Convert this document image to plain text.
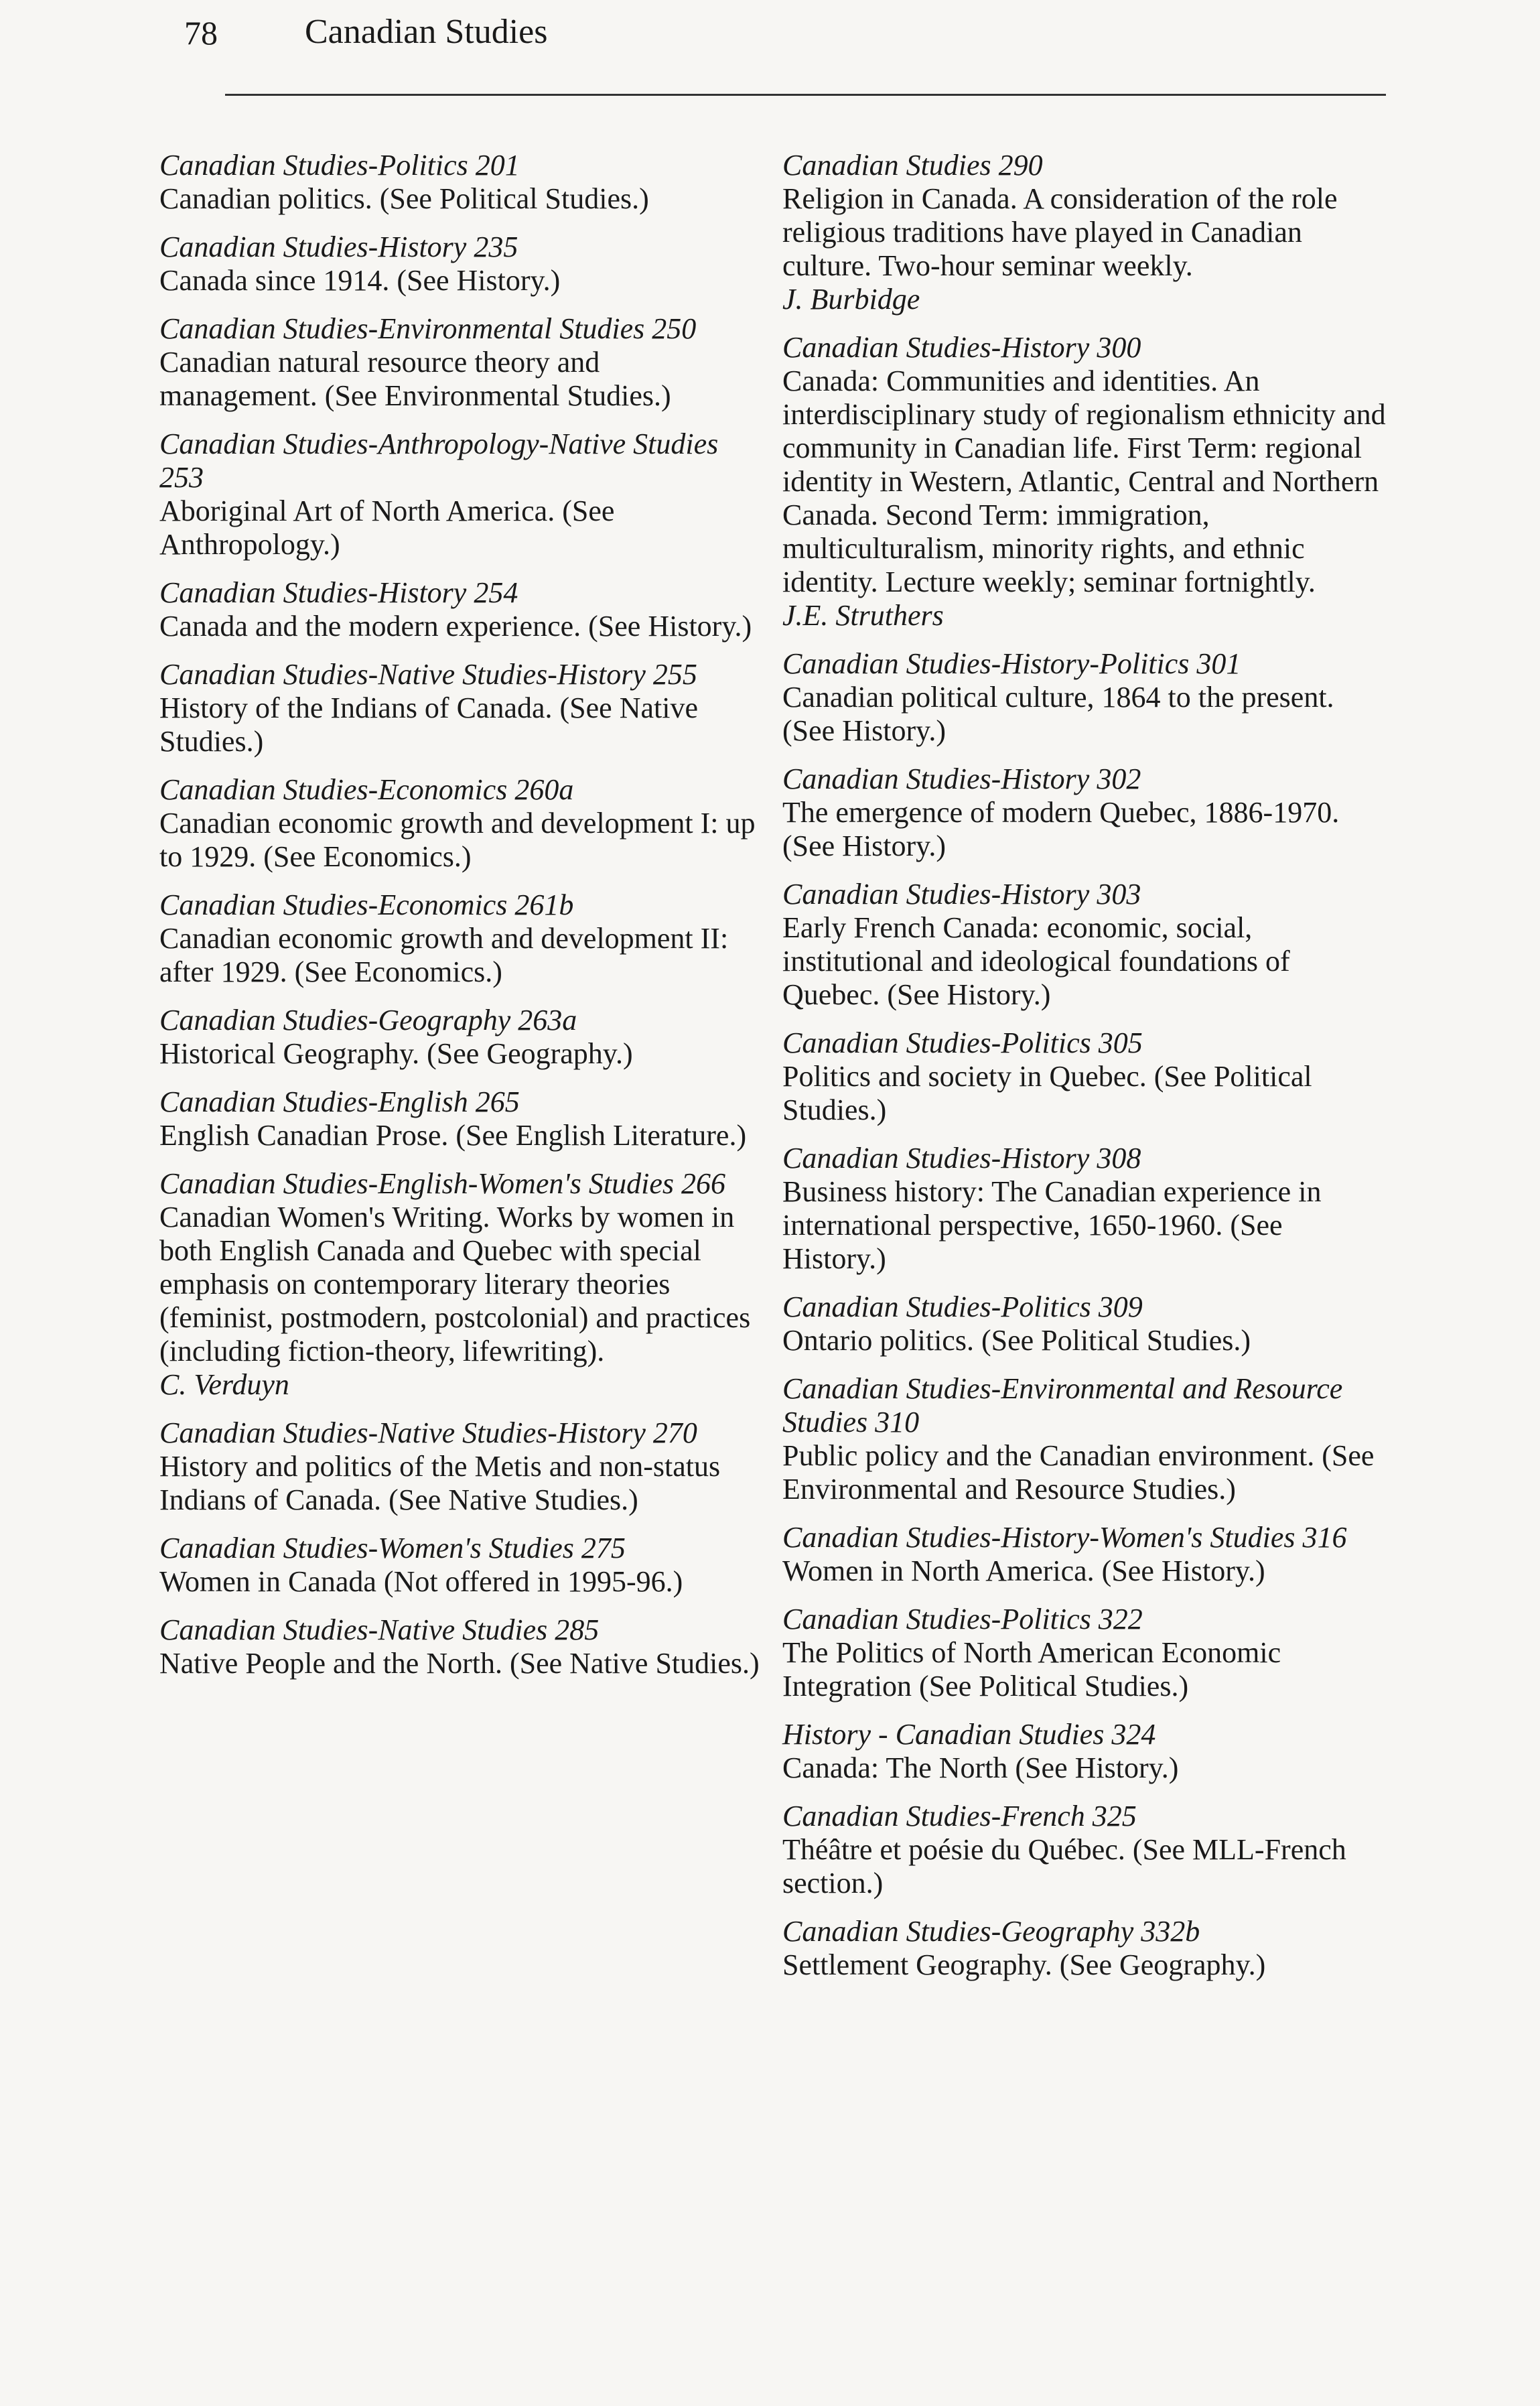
78	Canadian Studies
Canadian Studies-Politics 201
Canadian politics. (See Political Studies.)
Canadian Studies-History 235
Canada since 1914. (See History.)
Canadian Studies-Environmental Studies 250
Canadian natural resource theory and management. (See Environmental Studies.)
Canadian Studies-Anthropology-Native Studies 253
Aboriginal Art of North America. (See Anthropology.)
Canadian Studies-History 254
Canada and the modern experience. (See History.)
Canadian Studies-Native Studies-History 255
History of the Indians of Canada. (See Native Studies.)
Canadian Studies-Economics 260a
Canadian economic growth and development I: up to 1929. (See Economics.)
Canadian Studies-Economics 261b
Canadian economic growth and development II: after 1929. (See Economics.)
Canadian Studies-Geography 263a
Historical Geography. (See Geography.)
Canadian Studies-English 265
English Canadian Prose. (See English Literature.)
Canadian Studies-English-Women's Studies 266
Canadian Women's Writing. Works by women in both English Canada and Quebec with special emphasis on contemporary literary theories (feminist, postmodern, postcolonial) and practices (including fiction-theory, lifewriting).
C. Verduyn
Canadian Studies-Native Studies-History 270
History and politics of the Metis and non-status Indians of Canada. (See Native Studies.)
Canadian Studies-Women's Studies 275
Women in Canada (Not offered in 1995-96.)
Canadian Studies-Native Studies 285
Native People and the North. (See Native Studies.)
Canadian Studies 290
Religion in Canada. A consideration of the role religious traditions have played in Canadian culture. Two-hour seminar weekly.
J. Burbidge
Canadian Studies-History 300
Canada: Communities and identities. An interdisciplinary study of regionalism ethnicity and community in Canadian life. First Term: regional identity in Western, Atlantic, Central and Northern Canada. Second Term: immigration, multiculturalism, minority rights, and ethnic identity. Lecture weekly; seminar fortnightly.
J.E. Struthers
Canadian Studies-History-Politics 301
Canadian political culture, 1864 to the present. (See History.)
Canadian Studies-History 302
The emergence of modern Quebec, 1886-1970. (See History.)
Canadian Studies-History 303
Early French Canada: economic, social, institutional and ideological foundations of Quebec. (See History.)
Canadian Studies-Politics 305
Politics and society in Quebec. (See Political Studies.)
Canadian Studies-History 308
Business history: The Canadian experience in international perspective, 1650-1960. (See History.)
Canadian Studies-Politics 309
Ontario politics. (See Political Studies.)
Canadian Studies-Environmental and Resource Studies 310
Public policy and the Canadian environment. (See Environmental and Resource Studies.)
Canadian Studies-History-Women's Studies 316
Women in North America. (See History.)
Canadian Studies-Politics 322
The Politics of North American Economic Integration (See Political Studies.)
History - Canadian Studies 324
Canada: The North (See History.)
Canadian Studies-French 325
Théâtre et poésie du Québec. (See MLL-French section.)
Canadian Studies-Geography 332b
Settlement Geography. (See Geography.)
